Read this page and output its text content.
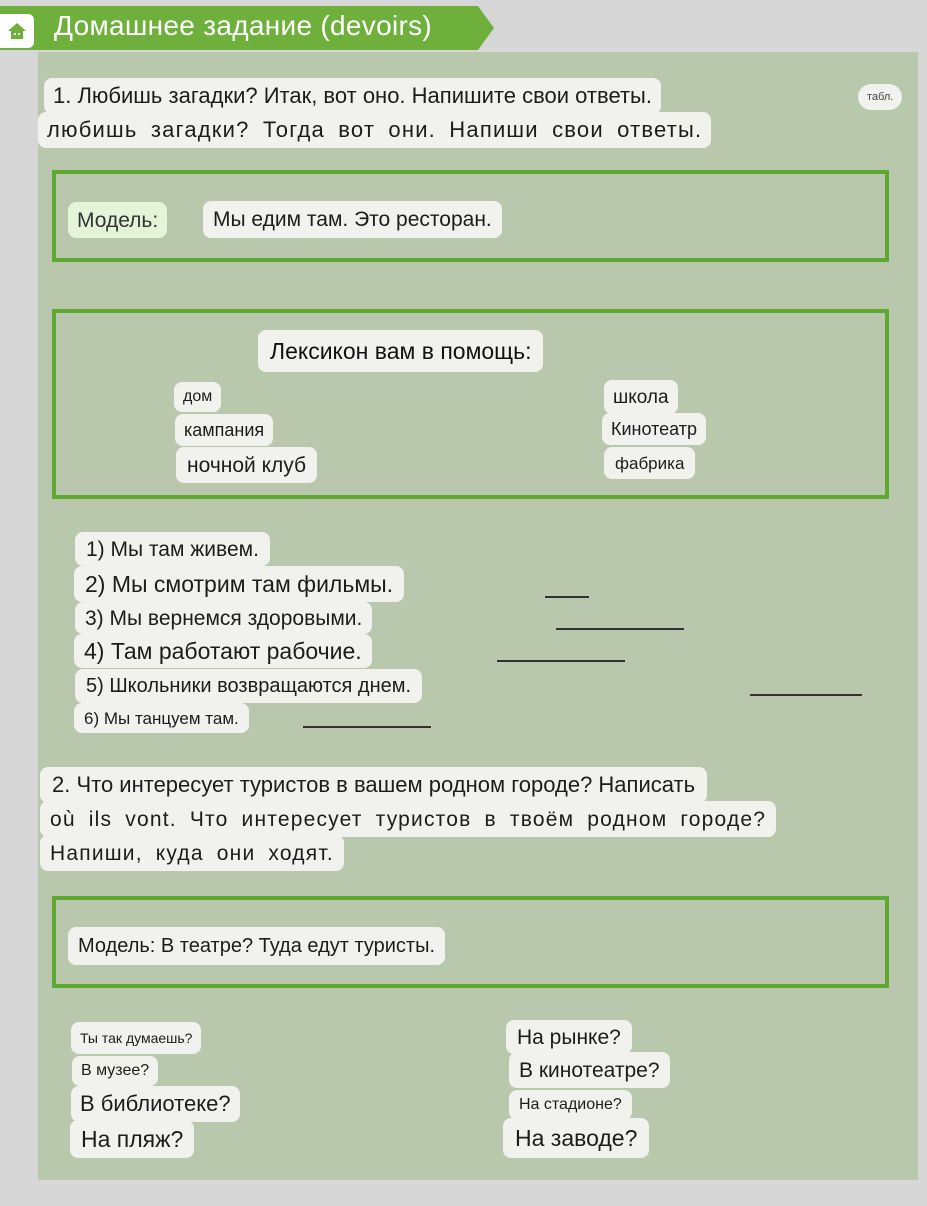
Домашнее задание (devoirs)
табл.
1. Любишь загадки? Итак, вот оно. Напишите свои ответы.
любишь загадки? Тогда вот они. Напиши свои ответы.
Модель:	Мы едим там. Это ресторан.
Лексикон вам в помощь:
дом
кампания
ночной клуб
школа
Кинотеатр
фабрика
1) Мы там живем.
2) Мы смотрим там фильмы.
3) Мы вернемся здоровыми.
4) Там работают рабочие.
5) Школьники возвращаются днем.
6) Мы танцуем там.
2. Что интересует туристов в вашем родном городе? Написать
où ils vont. Что интересует туристов в твоём родном городе?
Напиши, куда они ходят.
Модель: В театре? Туда едут туристы.
Ты так думаешь?
В музее?
В библиотеке?
На пляж?
На рынке?
В кинотеатре?
На стадионе?
На заводе?
